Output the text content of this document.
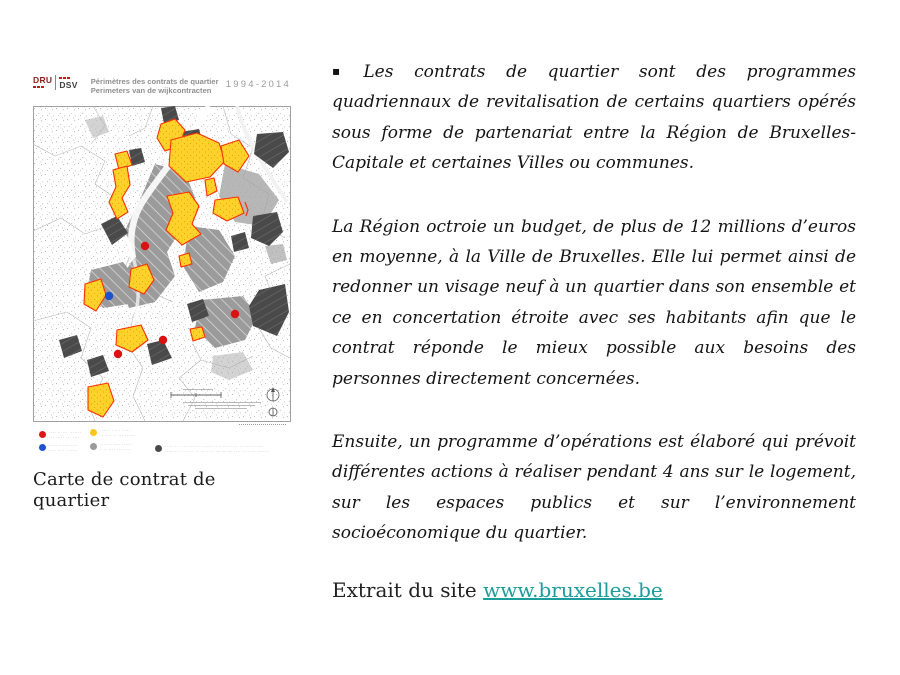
DRU
DSV Périmètres des contrats de quartier
Perimeters van de wijkcontracten
1994-2014
···· ······ ·······
··· ····· ··· ····
······ · ··· ·····
·· ···· ·· ··· ······
····· ······ ····
···· ···· · ·····
······· ···· ······
···· ···· ·········
····· ·· ···· ········ ····· ·· ··········· ·· ···········
····· ··· ······· ·· ··· ···· ··· ·· ··· ···· ···· ··· ·······
Carte de contrat de quartier

▪ Les contrats de quartier sont des programmes quadriennaux de revitalisation de certains quartiers opérés sous forme de partenariat entre la Région de Bruxelles-Capitale et certaines Villes ou communes.

La Région octroie un budget, de plus de 12 millions d’euros en moyenne, à la Ville de Bruxelles. Elle lui permet ainsi de redonner un visage neuf à un quartier dans son ensemble et ce en concertation étroite avec ses habitants afin que le contrat réponde le mieux possible aux besoins des personnes directement concernées.

Ensuite, un programme d’opérations est élaboré qui prévoit différentes actions à réaliser pendant 4 ans sur le logement, sur les espaces publics et sur l’environnement socioéconomique du quartier.

Extrait du site www.bruxelles.be
